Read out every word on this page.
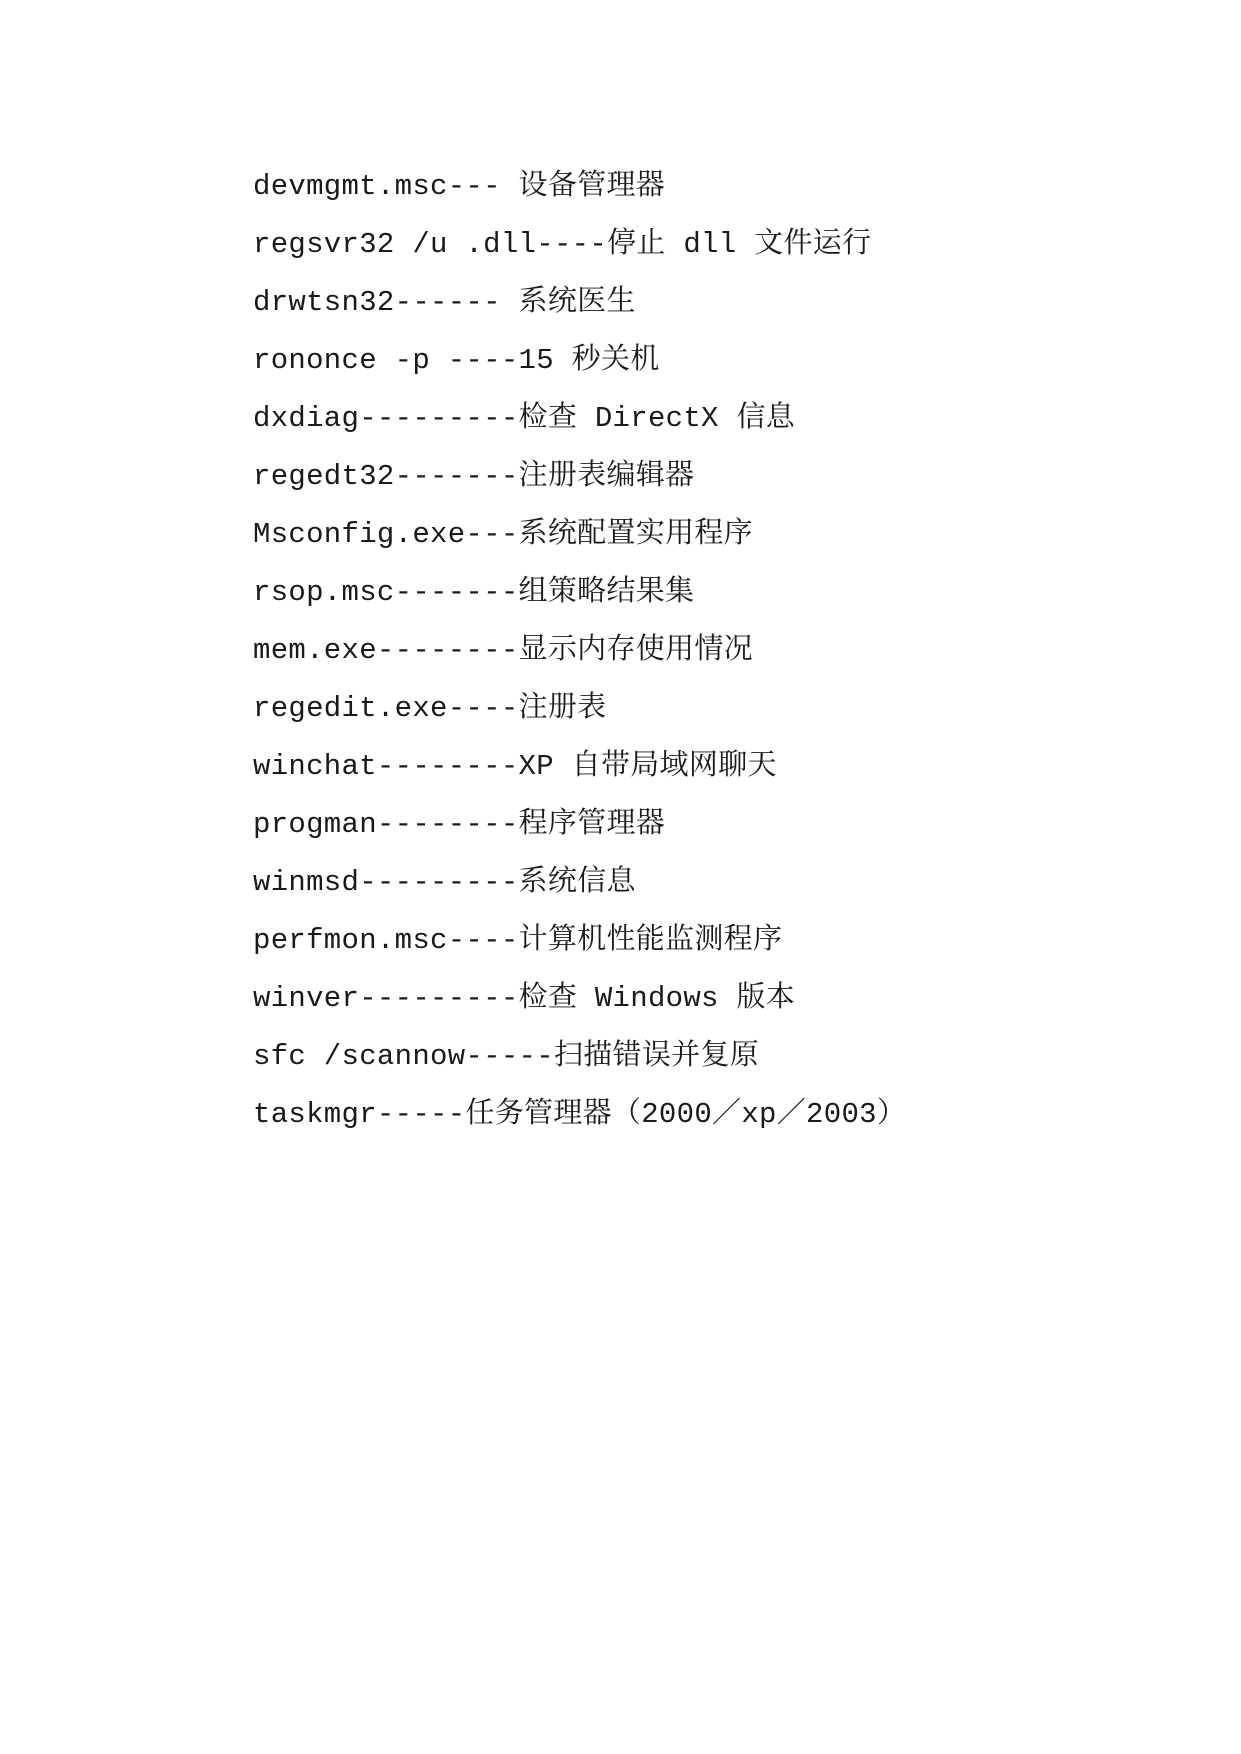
devmgmt.msc--- 设备管理器
regsvr32 /u .dll----停止 dll 文件运行
drwtsn32------ 系统医生
rononce -p ----15 秒关机
dxdiag---------检查 DirectX 信息
regedt32-------注册表编辑器
Msconfig.exe---系统配置实用程序
rsop.msc-------组策略结果集
mem.exe--------显示内存使用情况
regedit.exe----注册表
winchat--------XP 自带局域网聊天
progman--------程序管理器
winmsd---------系统信息
perfmon.msc----计算机性能监测程序
winver---------检查 Windows 版本
sfc /scannow-----扫描错误并复原
taskmgr-----任务管理器（2000／xp／2003）
